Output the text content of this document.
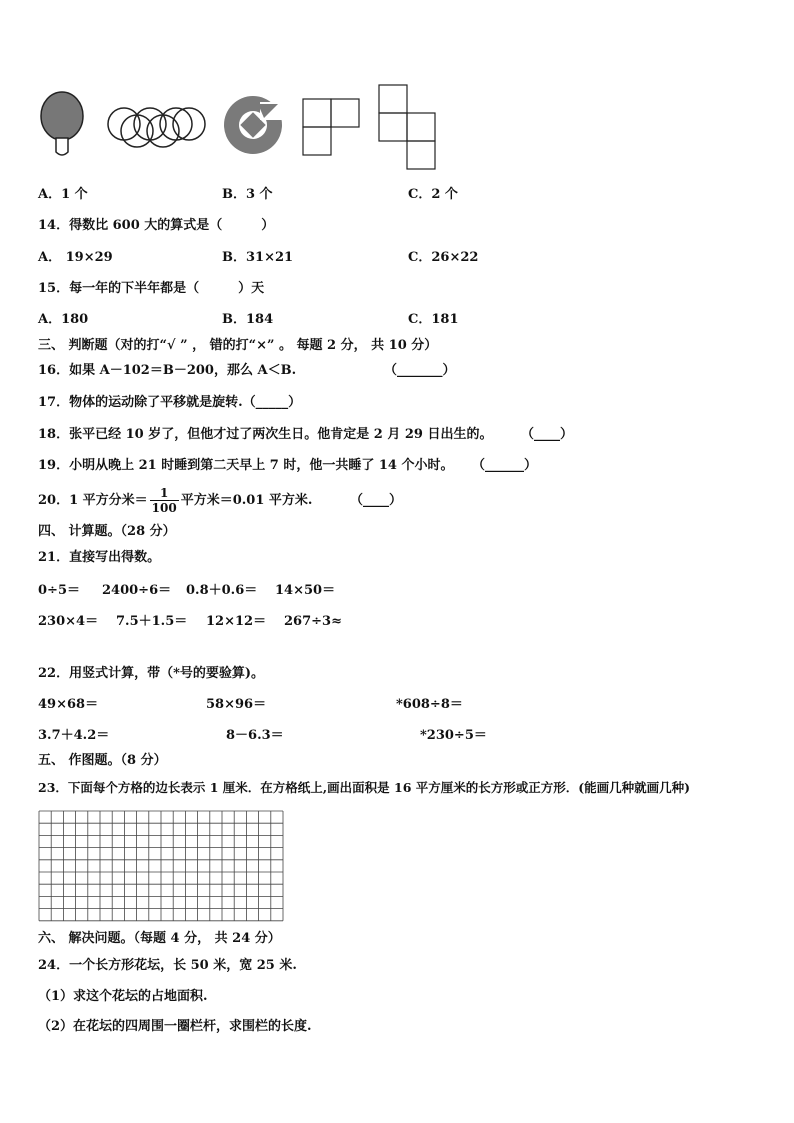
A．1 个	B．3 个	C．2 个
14．得数比 600 大的算式是（　　　）
A． 19×29	B．31×21	C．26×22
15．每一年的下半年都是（　　　）天
A．180	B．184	C．181
三、 判断题（对的打“√ ” ， 错的打“×” 。 每题 2 分， 共 10 分）
16．如果 A－102＝B－200，那么 A＜B.	（_______）
17．物体的运动除了平移就是旋转.（_____）
18．张平已经 10 岁了，但他才过了两次生日。他肯定是 2 月 29 日出生的。 （____）
19．小明从晚上 21 时睡到第二天早上 7 时，他一共睡了 14 个小时。 （______）
20．1 平方分米＝ $\frac{1}{100}$ 平方米＝0.01 平方米.	（____）
四、 计算题。（28 分）
21．直接写出得数。
0÷5＝ 2400÷6＝ 0.8＋0.6＝ 14×50＝
230×4＝ 7.5＋1.5＝ 12×12＝ 267÷3≈
22．用竖式计算，带（*号的要验算)。
49×68＝	58×96＝	*608÷8＝
3.7＋4.2＝	8－6.3＝	*230÷5＝
五、 作图题。（8 分）
23．下面每个方格的边长表示 1 厘米．在方格纸上,画出面积是 16 平方厘米的长方形或正方形．(能画几种就画几种)
六、 解决问题。（每题 4 分， 共 24 分）
24．一个长方形花坛，长 50 米，宽 25 米.
（1）求这个花坛的占地面积.
（2）在花坛的四周围一圈栏杆，求围栏的长度.
